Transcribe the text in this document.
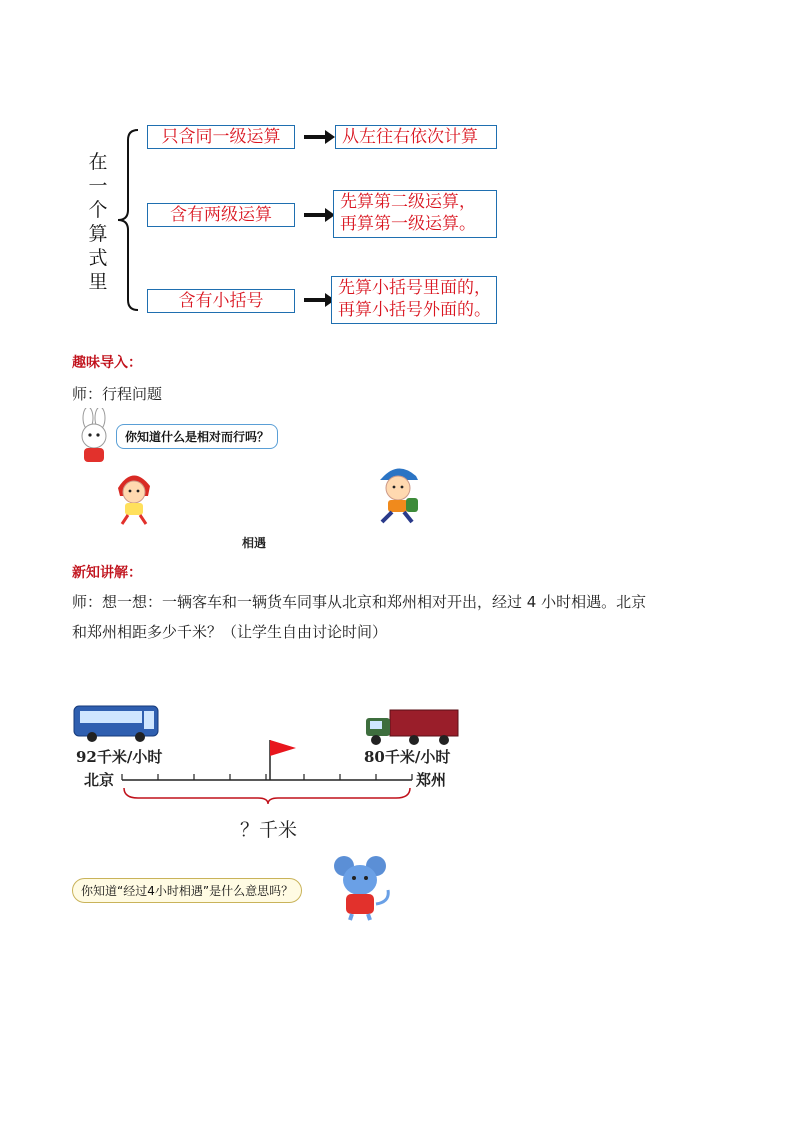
在
一
个
算
式
里
只含同一级运算	从左往右依次计算
含有两级运算
先算第二级运算，
再算第一级运算。
含有小括号
先算小括号里面的，
再算小括号外面的。
趣味导入：
师：行程问题
你知道什么是相对而行吗？
相遇
新知讲解：
师：想一想：一辆客车和一辆货车同事从北京和郑州相对开出，经过 4 小时相遇。北京
和郑州相距多少千米？（让学生自由讨论时间）
92千米/小时
北京
80千米/小时
郑州
？千米
你知道“经过4小时相遇”是什么意思吗？
